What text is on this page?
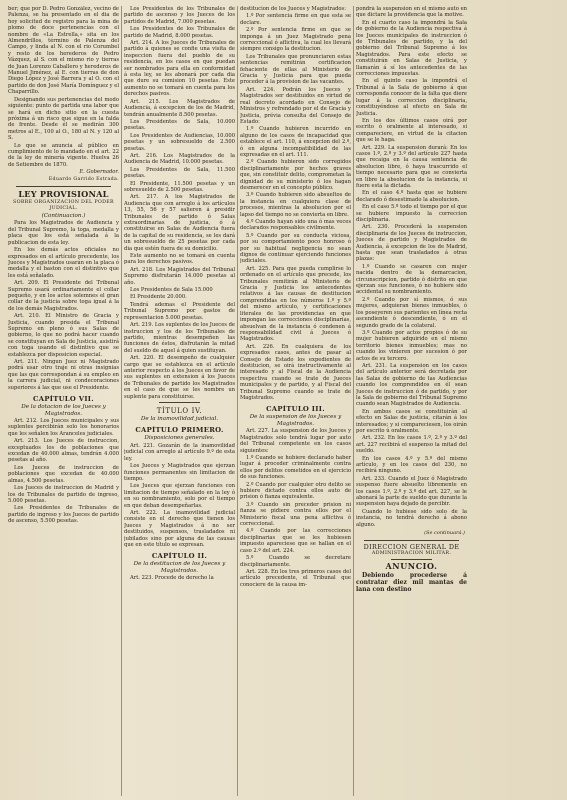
ber; que por D. Pedro González, vecino de Palenza, se ha presentado en el dia de hoy solicitud de registro para la mina de plomo de doce pertenencias con el nombre de «La Estrella,» sita en los Almendrillos, término de Palenza del Campo, y linda al N. con el rio Corumbel y resto de los herederos de Pedro Vázquez, al S. con el mismo rio y tierras de Juan Lorenzo Caballero y herederos de Manuel Jiménez, al E. con tierras de don Diego López y José Barrera y al O. con el partido de don José María Domínguez y el Chaparrillo.

Designando sus pertenencias del modo siguiente: punto de partida una labor que se hará en dicho sitio en la cuesta próxima á un risco que sigue en la falda de frente. Desde él se medirán 300 metros al E., 100 al O., 180 al N. y 120 al S.

Lo que se anuncia al público en cumplimiento de lo mandado en el art. 22 de la ley de minería vigente. Huelva 26 de Setiembre de 1870.

E. Gobernador.
Eduardo Garrido Estrada.
LEY PROVISIONAL
SOBRE ORGANIZACION DEL PODER JUDICIAL.
(Continuacion.)

Para los Magistrados de Audiencia y del Tribunal Supremo, la toga, medalla y placa que los está señalada á la publicacion de esta ley.

En los demás actos oficiales no expresados en el artículo precedente, los Jueces y Magistrados usarán en la placa ó medalla y el baston con el distintivo que les está señalado.

Art. 209. El Presidente del Tribunal Supremo usará ordinariamente el collar pequeño, y en los actos solemnes el gran collar de la justicia sobre toga igual á la de los demás Magistrados.

Art. 210. El Ministro de Gracia y Justicia, cuando presida el Tribunal Supremo en pleno ó sus Salas de gobierno, lo que no podrá hacer cuando se constituyan en Sala de Justicia, asistirá con toga usando el distintivo que se establezca por disposicion especial.

Art. 211. Ningun Juez ni Magistrado podrá usar otro traje ni otras insignias que las que correspondan á su empleo en la carrera judicial, ni condecoraciones superiores á las que use el Presidente.

CAPÍTULO VII.
De la dotacion de los Jueces y Magistrados.

Art. 212. Los Jueces municipales y sus suplentes percibirán solo los honorarios que les señalen los Aranceles judiciales.

Art. 213. Los Jueces de instruccion, exceptuados los de poblaciones que excedan de 40.000 almas, tendrán 4.000 pesetas al año.

Los Jueces de instruccion de poblaciones que excedan de 40.000 almas, 4.500 pesetas.

Los Jueces de instruccion de Madrid y los de Tribunales de partido de ingreso, 5.000 pesetas.

Los Presidentes de Tribunales de partido de ingreso y los Jueces de partido de ascenso, 5.500 pesetas.

Los Presidentes de los Tribunales de partido de ascenso y los Jueces de los partidos de Madrid, 7.000 pesetas.

Los Presidentes de los Tribunales de partido de Madrid, 8.000 pesetas.

Art. 214. A los Jueces de Tribunales de partido á quienes se confie una visita de inspeccion fuera del pueblo de su residencia, en los casos en que puedan ser nombrados para ella en conformidad á esta ley, se les abonará por cada dia que dure su comision 10 pesetas. Este aumento no se tomará en cuenta para los derechos pasivos.

Art. 215. Los Magistrados de Audiencia, á excepcion de los de Madrid, tendrán anualmente 8.500 pesetas.

Los Presidentes de Sala, 10.000 pesetas.

Los Presidentes de Audiencias, 10.000 pesetas y un sobresueldo de 2.500 pesetas.

Art. 216. Los Magistrados de la Audiencia de Madrid, 10.000 pesetas.

Los Presidentes de Sala, 11.500 pesetas.

El Presidente, 11.500 pesetas y un sobresueldo de 2.500 pesetas.

Art. 217. A los Magistrados de Audiencia que con arreglo á los artículos 13, 55, 56 y 57 salieren á presidir Tribunales de partido ó Salas extraordinarias de justicia, ó á constituirse en Salas de Audiencia fuera de la capital de su residencia, se les dará un sobresueldo de 25 pesetas por cada dia que estén fuera de su domicilio.

Este aumento no se tomará en cuenta para los derechos pasivos.

Art. 218. Los Magistrados del Tribunal Supremo disfrutarán 14.000 pesetas al año.

Los Presidentes de Sala 15.000

El Presidente 20.000.

Tendrá ademas el Presidente del Tribunal Supremo por gastos de representacion 5.000 pesetas.

Art. 219. Los suplentes de los Jueces de instruccion y los de los Tribunales de partido, mientras desempeñen las funciones de éstos, disfrutarán la mitad del sueldo de aquel á quien sustituyan.

Art. 220. El desempeño de cualquier cargo que se establezca en el artículo anterior respecto á los Jueces en favor de sus suplentes en extension á los Jueces de Tribunales de partido los Magistrados en el caso de que se les nombre un suplente para constituirse.

TÍTULO IV.
De la inamovilidad judicial.
CAPÍTULO PRIMERO.
Disposiciones generales.

Art. 221. Gozarán de la inamovilidad judicial con arreglo al artículo 9.º de esta ley.

Los Jueces y Magistrados que ejerzan funciones permanentes sin limitacion de tiempo.

Los Jueces que ejerzan funciones con limitacion de tiempo señalado en la ley ó en su nombramiento, solo por el tiempo en que deban desempeñarlas.

Art. 222. La inamovilidad judicial consiste en el derecho que tienen los Jueces y Magistrados á no ser destituidos, suspensos, trasladados ni jubilados sino por alguna de las causas que en este título se expresan.

CAPÍTULO II.
De la destitucion de los Jueces y Magistrados.

Art. 223. Procede de derecho la

destitucion de los Jueces y Magistrados:

1.º Por sentencia firme en que esta se declare.

2.º Por sentencia firme en que se imponga á un Juez Magistrado pena correccional ó aflictiva, la cual les llevará siempre consigo la destitucion.

Los Tribunales que pronunciaren estas sentencias remitirán certificacion fehaciente de ellas al Ministerio de Gracia y Justicia para que pueda proceder á la provision de las vacantes.

Art. 224. Podrán los Jueces y Magistrados ser destituidos en virtud de real decreto acordado en Consejo de Ministros y refrendado por el de Gracia y Justicia, prévia consulta del Consejo de Estado:

1.º Cuando hubieren incurrido en alguno de los casos de incapacidad que establece el art. 110, á excepcion del 2.º, ó en alguna incompatibilidad de las expresadas en el art. 111.

2.º Cuando hubieren sido corregidos disciplinariamente por hechos graves que, sin constituir delito, comprometan la dignidad de su ministerio ó los hagan desmerecer en el concepto público.

3.º Cuando hubieren sido absueltos de la instancia en cualquiera clase de procesos, mientras la absolucion por el lapso del tiempo no se convierta en libre.

4.º Cuando hayan sido una ó mas veces declarados responsables civilmente.

5.º Cuando por su conducta viciosa, por su comportamiento poco honroso ó por su habitual negligencia no sean dignos de continuar ejerciendo funciones judiciales.

Art. 225. Para que pueda cumplirse lo ordenado en el artículo que precede, los Tribunales remitirán al Ministerio de Gracia y Justicia los antecedentes relativos á las causas de destitucion comprendidas en los números 1.º y 5.º del mismo artículo, y certificaciones literales de las providencias en que impongan las correcciones disciplinarias, absuelvan de la instancia ó condenen á responsabilidad civil á Jueces ó Magistrados.

Art. 226. En cualquiera de los expresados casos, antes de pasar al Consejo de Estado los expedientes de destitucion, se oirá instructivamente al interesado y al Fiscal de la Audiencia respectiva cuando se trate de Jueces municipales y de partido, y al Fiscal del Tribunal Supremo cuando se trate de Magistrados.

CAPÍTULO III.
De la suspension de los Jueces y Magistrados.

Art. 227. La suspension de los Jueces y Magistrados solo tendrá lugar por auto del Tribunal competente en los casos siguientes:

1.º Cuando se hubiere declarado haber lugar á proceder criminalmente contra ellos por delitos cometidos en el ejercicio de sus funciones.

2.º Cuando por cualquier otro delito se hubiere dictado contra ellos auto de prision ó fianza equivalente.

3.º Cuando sin preceder prision ni fianza se pidiere contra ellos por el Ministerio fiscal una pena aflictiva ó correccional.

4.º Cuando por las correcciones disciplinarias que se les hubiesen impuesto apareciese que se hallan en el caso 2.º del art. 224.

5.º Cuando se decretare disciplinariamente.

Art. 228. En los tres primeros casos del artículo precedente, el Tribunal que conociere de la causa im-

pondrá la suspension en el mismo auto en que dictare la providencia que la motive.

En el cuarto caso la impondrá la Sala de gobierno de la Audiencia respectiva á los Jueces municipales de instruccion ó de Tribunales de partido, y la del gobierno del Tribunal Supremo á los Magistrados. Para este efecto se constituirán en Salas de Justicia, y llamarán á sí los antecedentes de las correcciones impuestas.

En el quinto caso la impondrá el Tribunal á la Sala de gobierno á que corresponda conocer de la falta que diere lugar á la correccion disciplinaria, constituyéndose al efecto en Sala de Justicia.

En los dos últimos casos oirá por escrito ó oralmente al interesado, si compareciere, en virtud de la citacion que se le haga.

Art. 229. La suspension durará: En los casos 1.º, 2.º y 3.º del artículo 227 hasta que recaiga en la causa sentencia de absolucion libre, ó haya trascurrido el tiempo necesario para que se convierta en libre la absolucion de la instancia, si fuere esta la dictada.

En el caso 4.º hasta que se hubiere declarado ó desestimado la absolucion.

En el caso 5.º todo el tiempo por el que se hubiere impuesto la correccion disciplinaria.

Art. 230. Procederá la suspension disciplinaria de los Jueces de instruccion, Jueces de partido y Magistrados de Audiencia, á excepcion de los de Madrid, hasta que sean trasladados á otras plazas:

1.º Cuando se casaren con mujer nacida dentro de la demarcacion, circunscripcion, partido ó distrito en que ejerzan sus funciones, ó no hubiere sido accidental su nombramiento.

2.º Cuando por sí mismos, ó sus mujeres, adquieran bienes inmuebles, ó los poseyeren sus parientes en línea recta ascendiente ó descendiente, ó en el segundo grado de la colateral.

3.º Cuando por actos propios ó de su mujer hubieren adquirido en el mismo territorio bienes inmuebles; mas no cuando los vinieren por sucesion ó por actos de su tercero.

Art. 231. La suspension en los casos del artículo anterior será decretada por las Salas de gobierno de las Audiencias cuando los comprendidos en él sean Jueces de instruccion ó de partido, y por la Sala de gobierno del Tribunal Supremo cuando sean Magistrados de Audiencia.

En ambos casos se constituirán al efecto en Salas de justicia, citarán á los interesados; y si compareciesen, los oirán por escrito ú oralmente.

Art. 232. En los casos 1.º, 2.º y 3.º del art. 227 recibirá el suspenso la mitad del sueldo.

En los casos 4.º y 5.º del mismo artículo, y en los casos del 230, no recibirá ninguno.

Art. 233. Cuando el Juez ó Magistrado suspenso fuere absuelto libremente en los casos 1.º, 2.º y 3.º del art. 227, se le abonará la parte de sueldo que durante la suspension haya dejado de percibir.

Cuando lo hubiese sido solo de la instancia, no tendrá derecho á abono alguno.

(Se continuará.)
DIRECCION GENERAL DE
ADMINISTRACION MILITAR.
ANUNCIO.

Debiendo procederse á contratar diez mil mantas de lana con destino
